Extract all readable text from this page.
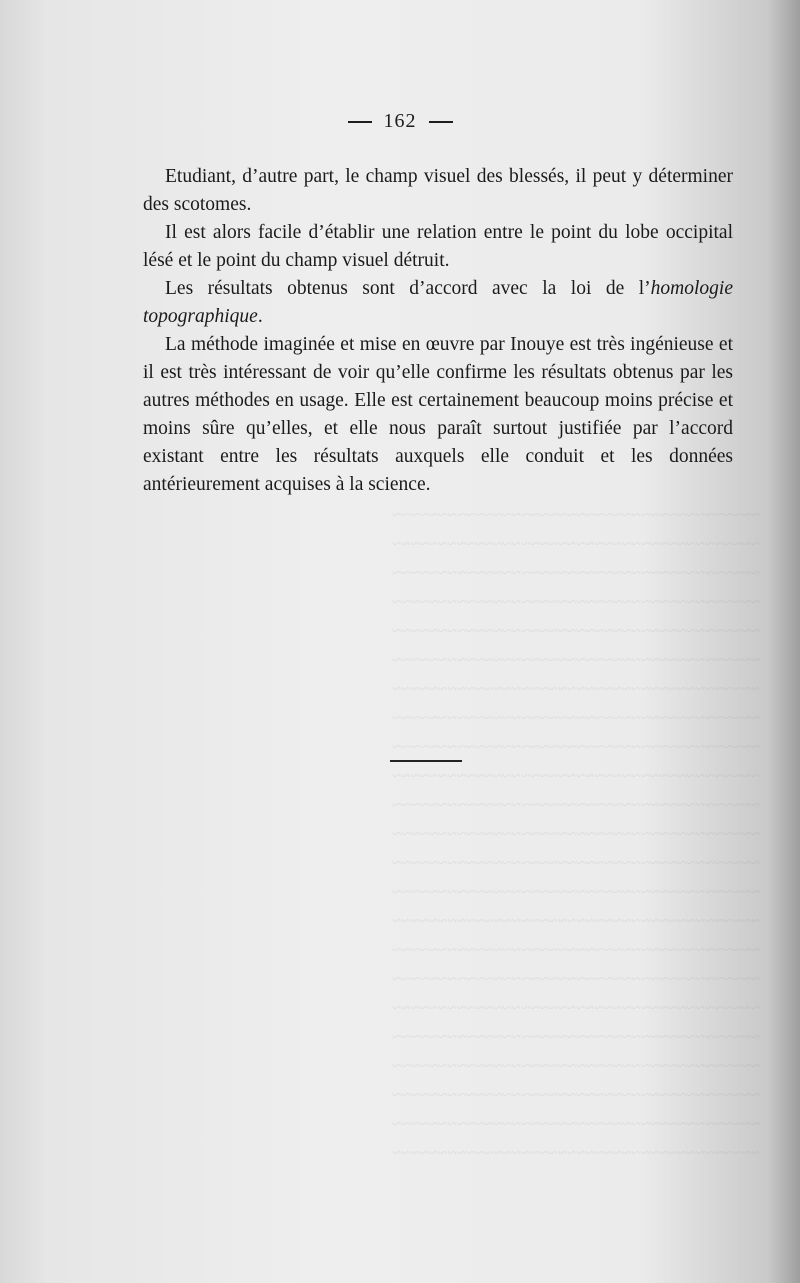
~~~~~~~~~~~~~~~~~~~~~~~~~~~~~~~~~~~~~~~~

~~~~~~~~~~~~~~~~~~~~~~~~~~~~~~~~~~~~~~~~

~~~~~~~~~~~~~~~~~~~~~~~~~~~~~~~~~~~~~~~~

~~~~~~~~~~~~~~~~~~~~~~~~~~~~~~~~~~~~~~~~

~~~~~~~~~~~~~~~~~~~~~~~~~~~~~~~~~~~~~~~~

~~~~~~~~~~~~~~~~~~~~~~~~~~~~~~~~~~~~~~~~

~~~~~~~~~~~~~~~~~~~~~~~~~~~~~~~~~~~~~~~~

~~~~~~~~~~~~~~~~~~~~~~~~~~~~~~~~~~~~~~~~

~~~~~~~~~~~~~~~~~~~~~~~~~~~~~~~~~~~~~~~~

~~~~~~~~~~~~~~~~~~~~~~~~~~~~~~~~~~~~~~~~

~~~~~~~~~~~~~~~~~~~~~~~~~~~~~~~~~~~~~~~~

~~~~~~~~~~~~~~~~~~~~~~~~~~~~~~~~~~~~~~~~

~~~~~~~~~~~~~~~~~~~~~~~~~~~~~~~~~~~~~~~~

~~~~~~~~~~~~~~~~~~~~~~~~~~~~~~~~~~~~~~~~

~~~~~~~~~~~~~~~~~~~~~~~~~~~~~~~~~~~~~~~~

~~~~~~~~~~~~~~~~~~~~~~~~~~~~~~~~~~~~~~~~

~~~~~~~~~~~~~~~~~~~~~~~~~~~~~~~~~~~~~~~~

~~~~~~~~~~~~~~~~~~~~~~~~~~~~~~~~~~~~~~~~

~~~~~~~~~~~~~~~~~~~~~~~~~~~~~~~~~~~~~~~~

~~~~~~~~~~~~~~~~~~~~~~~~~~~~~~~~~~~~~~~~

~~~~~~~~~~~~~~~~~~~~~~~~~~~~~~~~~~~~~~~~

~~~~~~~~~~~~~~~~~~~~~~~~~~~~~~~~~~~~~~~~

~~~~~~~~~~~~~~~~~~~~~~~~~~~~~~~~~~~~~~~~

162

Etudiant, d’autre part, le champ visuel des blessés, il peut y déterminer des scotomes.

Il est alors facile d’établir une relation entre le point du lobe occipital lésé et le point du champ visuel détruit.

Les résultats obtenus sont d’accord avec la loi de l’homologie topographique.

La méthode imaginée et mise en œuvre par Inouye est très ingénieuse et il est très intéressant de voir qu’elle confirme les résultats obtenus par les autres méthodes en usage. Elle est certainement beaucoup moins précise et moins sûre qu’elles, et elle nous paraît surtout justifiée par l’accord existant entre les résultats auxquels elle conduit et les données antérieurement acquises à la science.
